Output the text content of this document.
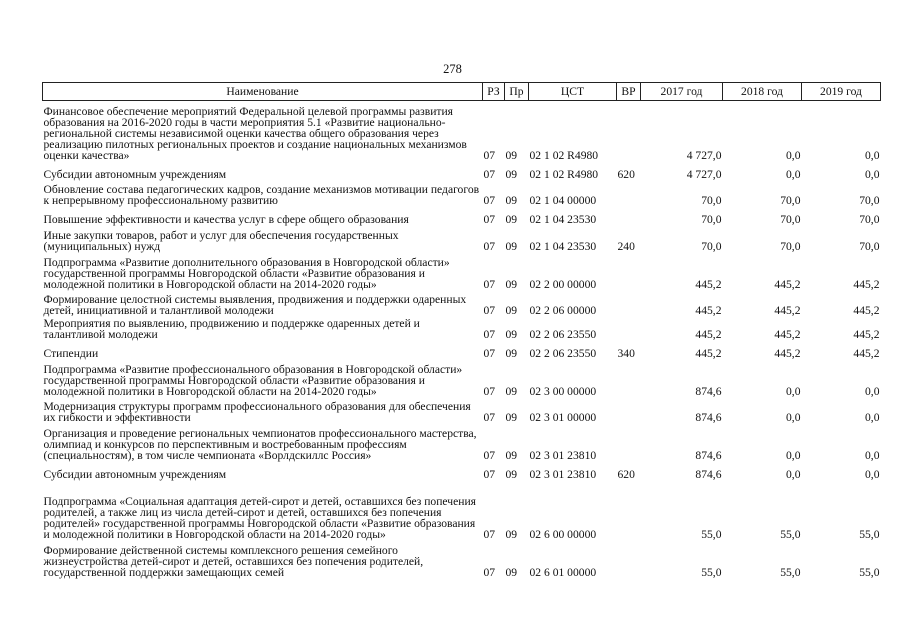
278
Наименование	РЗ	Пр	ЦСТ	ВР	2017 год	2018 год	2019 год
Финансовое обеспечение мероприятий Федеральной целевой программы развития образования на 2016-2020 годы в части мероприятия 5.1 «Развитие национально-региональной системы независимой оценки качества общего образования через реализацию пилотных региональных проектов и создание национальных механизмов оценки качества»	07	09	02 1 02 R4980		4 727,0	0,0	0,0
Субсидии автономным учреждениям	07	09	02 1 02 R4980	620	4 727,0	0,0	0,0
Обновление состава педагогических кадров, создание механизмов мотивации педагогов к непрерывному профессиональному развитию	07	09	02 1 04 00000		70,0	70,0	70,0
Повышение эффективности и качества услуг в сфере общего образования	07	09	02 1 04 23530		70,0	70,0	70,0
Иные закупки товаров, работ и услуг для обеспечения государственных (муниципальных) нужд	07	09	02 1 04 23530	240	70,0	70,0	70,0
Подпрограмма «Развитие дополнительного образования в Новгородской области» государственной программы Новгородской области «Развитие образования и молодежной политики в Новгородской области на 2014-2020 годы»	07	09	02 2 00 00000		445,2	445,2	445,2
Формирование целостной системы выявления, продвижения и поддержки одаренных детей, инициативной и талантливой молодежи	07	09	02 2 06 00000		445,2	445,2	445,2
Мероприятия по выявлению, продвижению и поддержке одаренных детей и талантливой молодежи	07	09	02 2 06 23550		445,2	445,2	445,2
Стипендии	07	09	02 2 06 23550	340	445,2	445,2	445,2
Подпрограмма «Развитие профессионального образования в Новгородской области» государственной программы Новгородской области «Развитие образования и молодежной политики в Новгородской области на 2014-2020 годы»	07	09	02 3 00 00000		874,6	0,0	0,0
Модернизация структуры программ профессионального образования для обеспечения их гибкости и эффективности	07	09	02 3 01 00000		874,6	0,0	0,0
Организация и проведение региональных чемпионатов профессионального мастерства, олимпиад и конкурсов по перспективным и востребованным профессиям (специальностям), в том числе чемпионата «Ворлдскиллс Россия»	07	09	02 3 01 23810		874,6	0,0	0,0
Субсидии автономным учреждениям	07	09	02 3 01 23810	620	874,6	0,0	0,0
Подпрограмма «Социальная адаптация детей-сирот и детей, оставшихся без попечения родителей, а также лиц из числа детей-сирот и детей, оставшихся без попечения родителей» государственной программы Новгородской области «Развитие образования и молодежной политики в Новгородской области на 2014-2020 годы»	07	09	02 6 00 00000		55,0	55,0	55,0
Формирование действенной системы комплексного решения семейного жизнеустройства детей-сирот и детей, оставшихся без попечения родителей, государственной поддержки замещающих семей	07	09	02 6 01 00000		55,0	55,0	55,0
